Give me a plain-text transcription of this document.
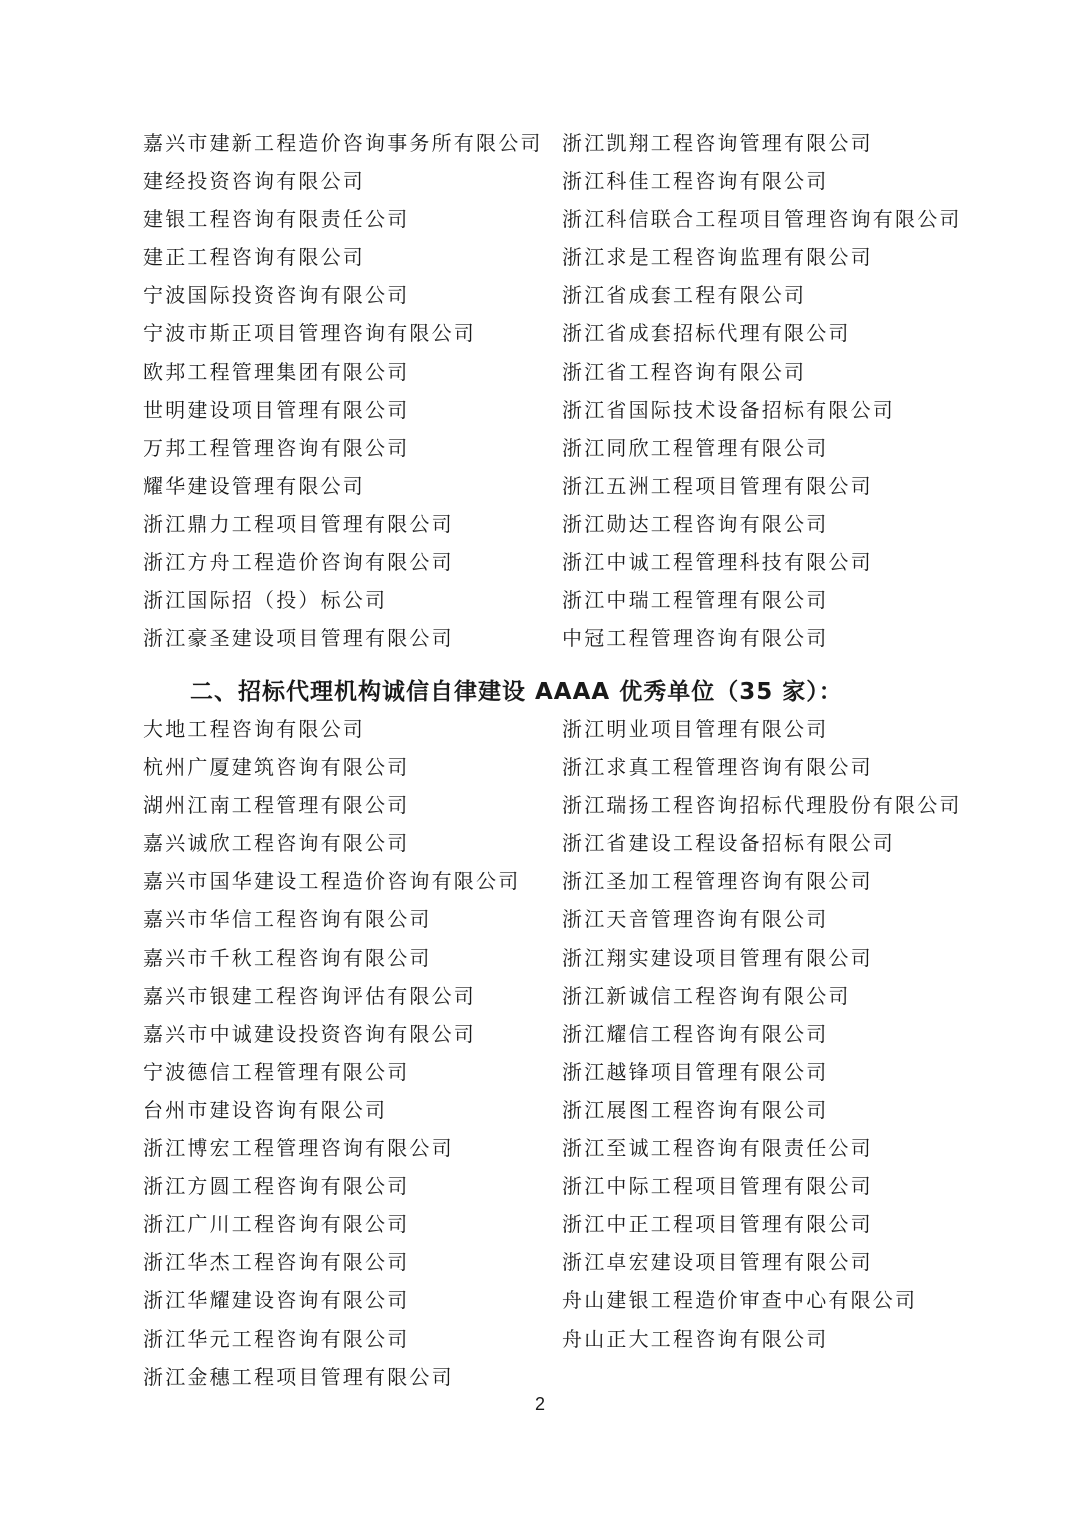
嘉兴市建新工程造价咨询事务所有限公司
建经投资咨询有限公司
建银工程咨询有限责任公司
建正工程咨询有限公司
宁波国际投资咨询有限公司
宁波市斯正项目管理咨询有限公司
欧邦工程管理集团有限公司
世明建设项目管理有限公司
万邦工程管理咨询有限公司
耀华建设管理有限公司
浙江鼎力工程项目管理有限公司
浙江方舟工程造价咨询有限公司
浙江国际招（投）标公司
浙江豪圣建设项目管理有限公司
浙江凯翔工程咨询管理有限公司
浙江科佳工程咨询有限公司
浙江科信联合工程项目管理咨询有限公司
浙江求是工程咨询监理有限公司
浙江省成套工程有限公司
浙江省成套招标代理有限公司
浙江省工程咨询有限公司
浙江省国际技术设备招标有限公司
浙江同欣工程管理有限公司
浙江五洲工程项目管理有限公司
浙江勋达工程咨询有限公司
浙江中诚工程管理科技有限公司
浙江中瑞工程管理有限公司
中冠工程管理咨询有限公司
二、招标代理机构诚信自律建设 AAAA 优秀单位（35 家）：
大地工程咨询有限公司
杭州广厦建筑咨询有限公司
湖州江南工程管理有限公司
嘉兴诚欣工程咨询有限公司
嘉兴市国华建设工程造价咨询有限公司
嘉兴市华信工程咨询有限公司
嘉兴市千秋工程咨询有限公司
嘉兴市银建工程咨询评估有限公司
嘉兴市中诚建设投资咨询有限公司
宁波德信工程管理有限公司
台州市建设咨询有限公司
浙江博宏工程管理咨询有限公司
浙江方圆工程咨询有限公司
浙江广川工程咨询有限公司
浙江华杰工程咨询有限公司
浙江华耀建设咨询有限公司
浙江华元工程咨询有限公司
浙江金穗工程项目管理有限公司
浙江明业项目管理有限公司
浙江求真工程管理咨询有限公司
浙江瑞扬工程咨询招标代理股份有限公司
浙江省建设工程设备招标有限公司
浙江圣加工程管理咨询有限公司
浙江天音管理咨询有限公司
浙江翔实建设项目管理有限公司
浙江新诚信工程咨询有限公司
浙江耀信工程咨询有限公司
浙江越锋项目管理有限公司
浙江展图工程咨询有限公司
浙江至诚工程咨询有限责任公司
浙江中际工程项目管理有限公司
浙江中正工程项目管理有限公司
浙江卓宏建设项目管理有限公司
舟山建银工程造价审查中心有限公司
舟山正大工程咨询有限公司
2
